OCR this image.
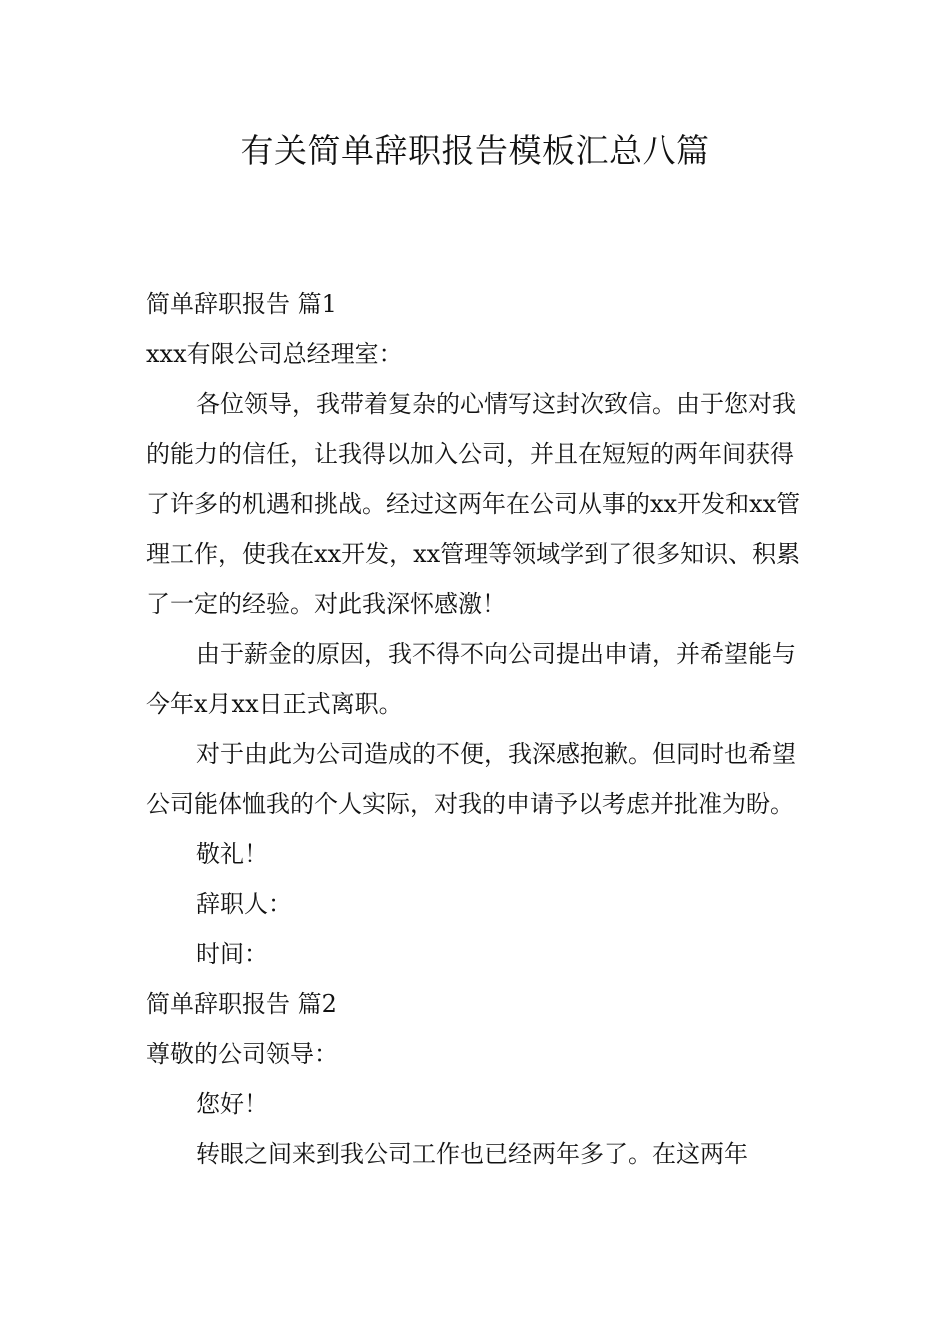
有关简单辞职报告模板汇总八篇

简单辞职报告 篇1

xxx有限公司总经理室：

各位领导，我带着复杂的心情写这封次致信。由于您对我的能力的信任，让我得以加入公司，并且在短短的两年间获得了许多的机遇和挑战。经过这两年在公司从事的xx开发和xx管理工作，使我在xx开发，xx管理等领域学到了很多知识、积累了一定的经验。对此我深怀感激！

由于薪金的原因，我不得不向公司提出申请，并希望能与今年x月xx日正式离职。

对于由此为公司造成的不便，我深感抱歉。但同时也希望公司能体恤我的个人实际，对我的申请予以考虑并批准为盼。

敬礼！

辞职人：

时间：

简单辞职报告 篇2

尊敬的公司领导：

您好！

转眼之间来到我公司工作也已经两年多了。在这两年
